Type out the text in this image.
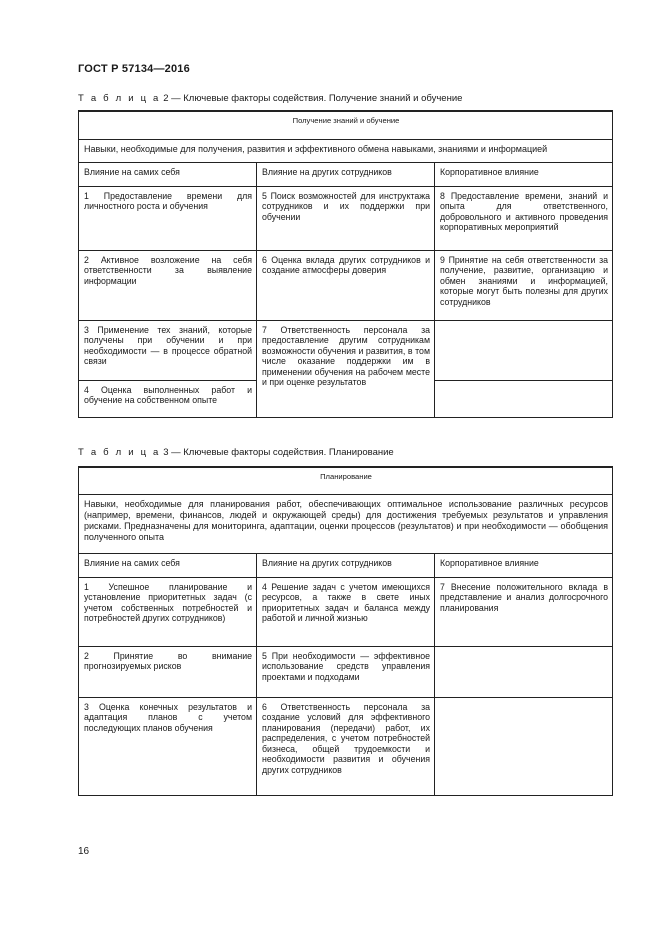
ГОСТ Р 57134—2016
Т а б л и ц а 2 — Ключевые факторы содействия. Получение знаний и обучение
Получение знаний и обучение		
Навыки, необходимые для получения, развития и эффективного обмена навыками, знаниями и информацией		
Влияние на самих себя	Влияние на других сотрудников	Корпоративное влияние
1 Предоставление времени для личностного роста и обучения	5 Поиск возможностей для инструктажа сотрудников и их поддержки при обучении	8 Предоставление времени, знаний и опыта для ответственного, добровольного и активного проведения корпоративных мероприятий
2 Активное возложение на себя ответственности за выявление информации	6 Оценка вклада других сотрудников и создание атмосферы доверия	9 Принятие на себя ответственности за получение, развитие, организацию и обмен знаниями и информацией, которые могут быть полезны для других сотрудников
3 Применение тех знаний, которые получены при обучении и при необходимости — в процессе обратной связи	7 Ответственность персонала за предоставление другим сотрудникам возможности обучения и развития, в том числе оказание поддержки им в применении обучения на рабочем месте и при оценке результатов	
4 Оценка выполненных работ и обучение на собственном опыте		
Т а б л и ц а 3 — Ключевые факторы содействия. Планирование
Планирование		
Навыки, необходимые для планирования работ, обеспечивающих оптимальное использование различных ресурсов (например, времени, финансов, людей и окружающей среды) для достижения требуемых результатов и управления рисками. Предназначены для мониторинга, адаптации, оценки процессов (результатов) и при необходимости — обобщения полученного опыта		
Влияние на самих себя	Влияние на других сотрудников	Корпоративное влияние
1 Успешное планирование и установление приоритетных задач (с учетом собственных потребностей и потребностей других сотрудников)	4 Решение задач с учетом имеющихся ресурсов, а также в свете иных приоритетных задач и баланса между работой и личной жизнью	7 Внесение положительного вклада в представление и анализ долгосрочного планирования
2 Принятие во внимание прогнозируемых рисков	5 При необходимости — эффективное использование средств управления проектами и подходами	
3 Оценка конечных результатов и адаптация планов с учетом последующих планов обучения	6 Ответственность персонала за создание условий для эффективного планирования (передачи) работ, их распределения, с учетом потребностей бизнеса, общей трудоемкости и необходимости развития и обучения других сотрудников	
16
